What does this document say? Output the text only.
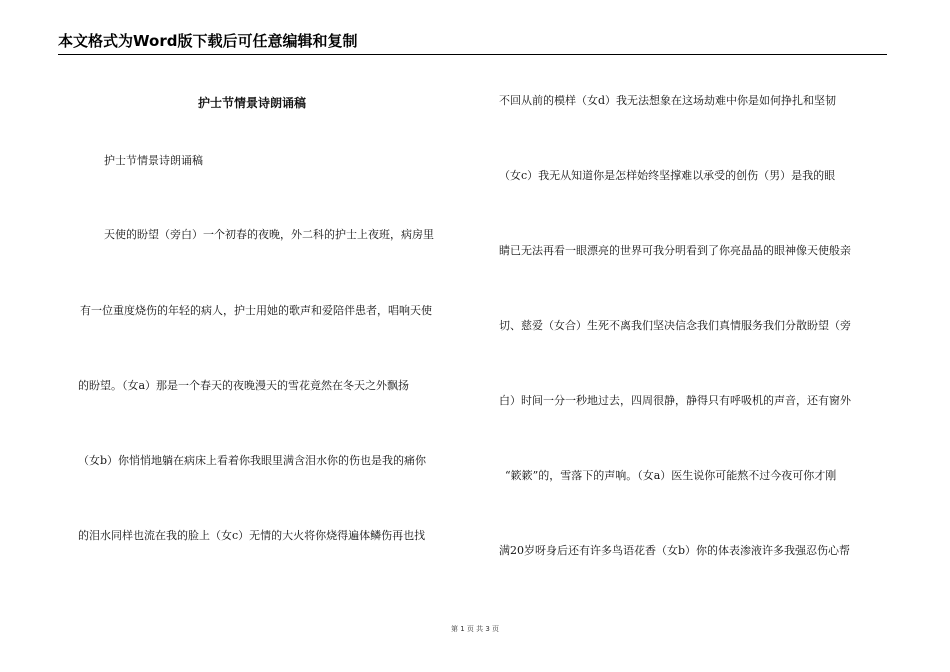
本文格式为Word版下载后可任意编辑和复制
护士节情景诗朗诵稿
护士节情景诗朗诵稿
天使的盼望（旁白）一个初春的夜晚，外二科的护士上夜班，病房里
有一位重度烧伤的年轻的病人，护士用她的歌声和爱陪伴患者，唱响天使
的盼望。（女a）那是一个春天的夜晚漫天的雪花竟然在冬天之外飘扬
（女b）你悄悄地躺在病床上看着你我眼里满含泪水你的伤也是我的痛你
的泪水同样也流在我的脸上（女c）无情的大火将你烧得遍体鳞伤再也找
不回从前的模样（女d）我无法想象在这场劫难中你是如何挣扎和坚韧
（女c）我无从知道你是怎样始终坚撑难以承受的创伤（男）是我的眼
睛已无法再看一眼漂亮的世界可我分明看到了你亮晶晶的眼神像天使般亲
切、慈爱（女合）生死不离我们坚决信念我们真情服务我们分散盼望（旁
白）时间一分一秒地过去，四周很静，静得只有呼吸机的声音，还有窗外
“簌簌”的，雪落下的声响。（女a）医生说你可能熬不过今夜可你才刚
满20岁呀身后还有许多鸟语花香（女b）你的体表渗液许多我强忍伤心帮
第 1 页 共 3 页
